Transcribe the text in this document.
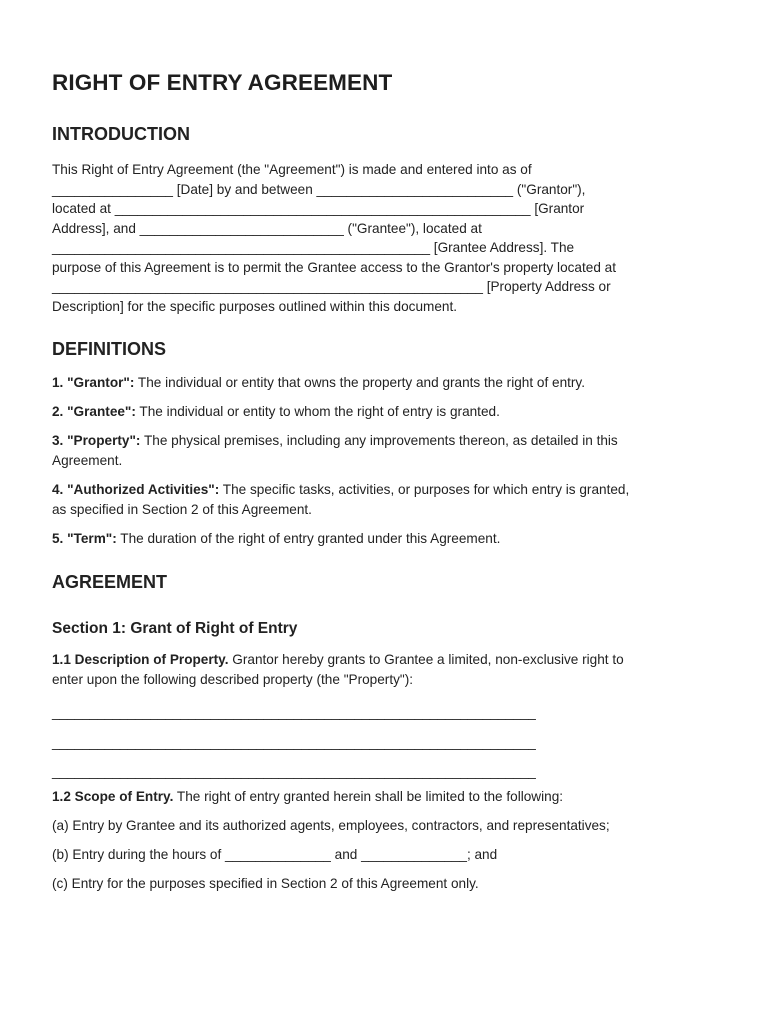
RIGHT OF ENTRY AGREEMENT
INTRODUCTION
This Right of Entry Agreement (the "Agreement") is made and entered into as of
________________ [Date] by and between __________________________ ("Grantor"),
located at _______________________________________________________ [Grantor
Address], and ___________________________ ("Grantee"), located at
__________________________________________________ [Grantee Address]. The
purpose of this Agreement is to permit the Grantee access to the Grantor's property located at
_________________________________________________________ [Property Address or
Description] for the specific purposes outlined within this document.
DEFINITIONS
1. "Grantor": The individual or entity that owns the property and grants the right of entry.
2. "Grantee": The individual or entity to whom the right of entry is granted.
3. "Property": The physical premises, including any improvements thereon, as detailed in this
Agreement.
4. "Authorized Activities": The specific tasks, activities, or purposes for which entry is granted,
as specified in Section 2 of this Agreement.
5. "Term": The duration of the right of entry granted under this Agreement.
AGREEMENT
Section 1: Grant of Right of Entry
1.1 Description of Property. Grantor hereby grants to Grantee a limited, non-exclusive right to
enter upon the following described property (the "Property"):
________________________________________________________________
________________________________________________________________
________________________________________________________________
1.2 Scope of Entry. The right of entry granted herein shall be limited to the following:
(a) Entry by Grantee and its authorized agents, employees, contractors, and representatives;
(b) Entry during the hours of ______________ and ______________; and
(c) Entry for the purposes specified in Section 2 of this Agreement only.
